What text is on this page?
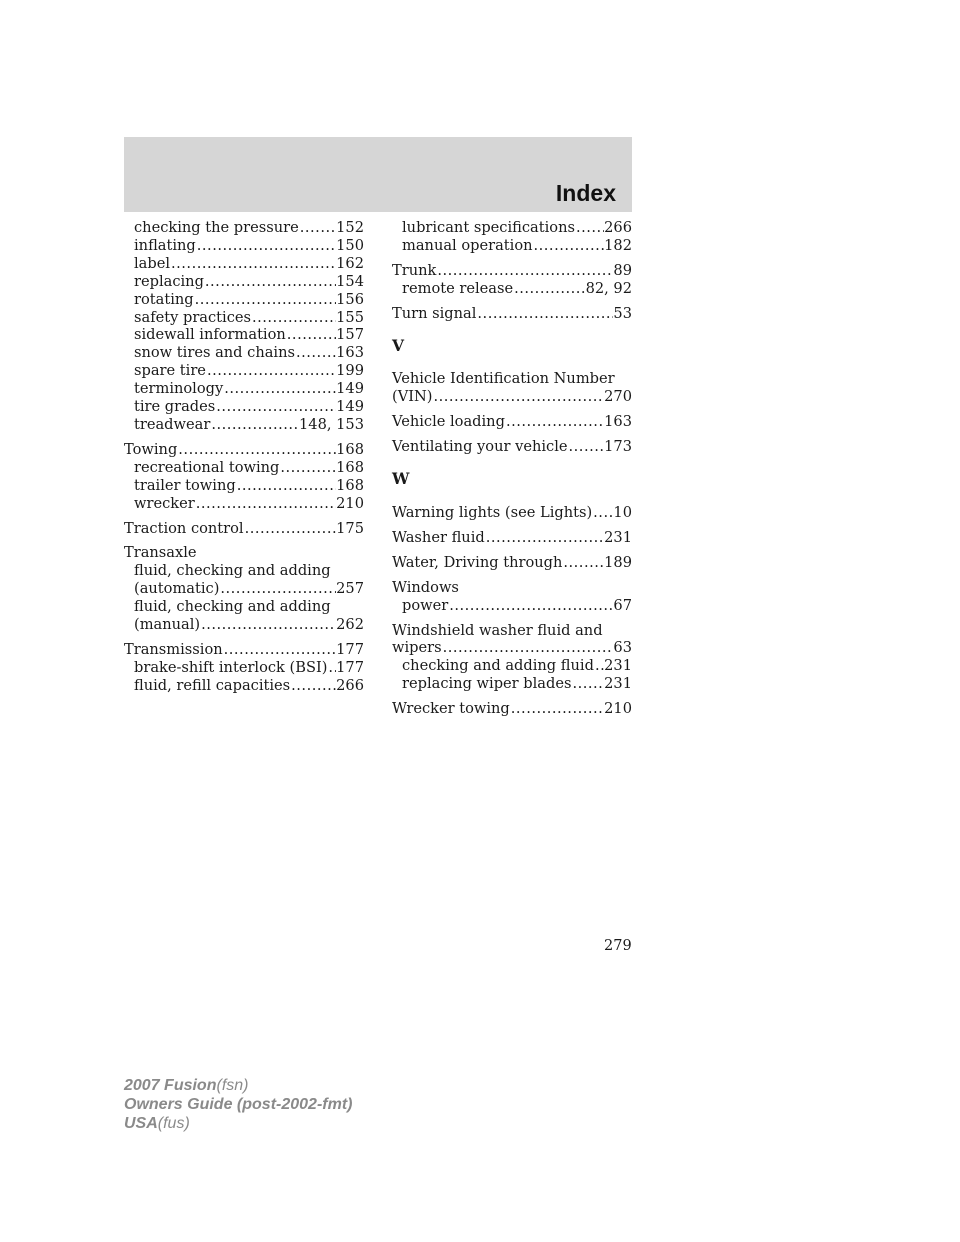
Index
checking the pressure .....	152
inflating .....	150
label .....	162
replacing .....	154
rotating .....	156
safety practices .....	155
sidewall information .....	157
snow tires and chains .....	163
spare tire .....	199
terminology .....	149
tire grades .....	149
treadwear .....	148, 153
Towing .....	168
recreational towing .....	168
trailer towing .....	168
wrecker .....	210
Traction control .....	175
Transaxle
fluid, checking and adding
(automatic) .....	257
fluid, checking and adding
(manual) .....	262
Transmission .....	177
brake-shift interlock (BSI) ..... 177
fluid, refill capacities .....	266
lubricant specifications ..... 266
manual operation .....	182
Trunk .....	89
remote release .....	82, 92
Turn signal .....	53
V
Vehicle Identification Number
(VIN) .....	270
Vehicle loading .....	163
Ventilating your vehicle .....	173
W
Warning lights (see Lights) ..... 10
Washer fluid .....	231
Water, Driving through .....	189
Windows
power .....	67
Windshield washer fluid and
wipers .....	63
checking and adding fluid ..... 231
replacing wiper blades ..... 231
Wrecker towing .....	210
279
2007 Fusion(fsn)
Owners Guide (post-2002-fmt)
USA(fus)
